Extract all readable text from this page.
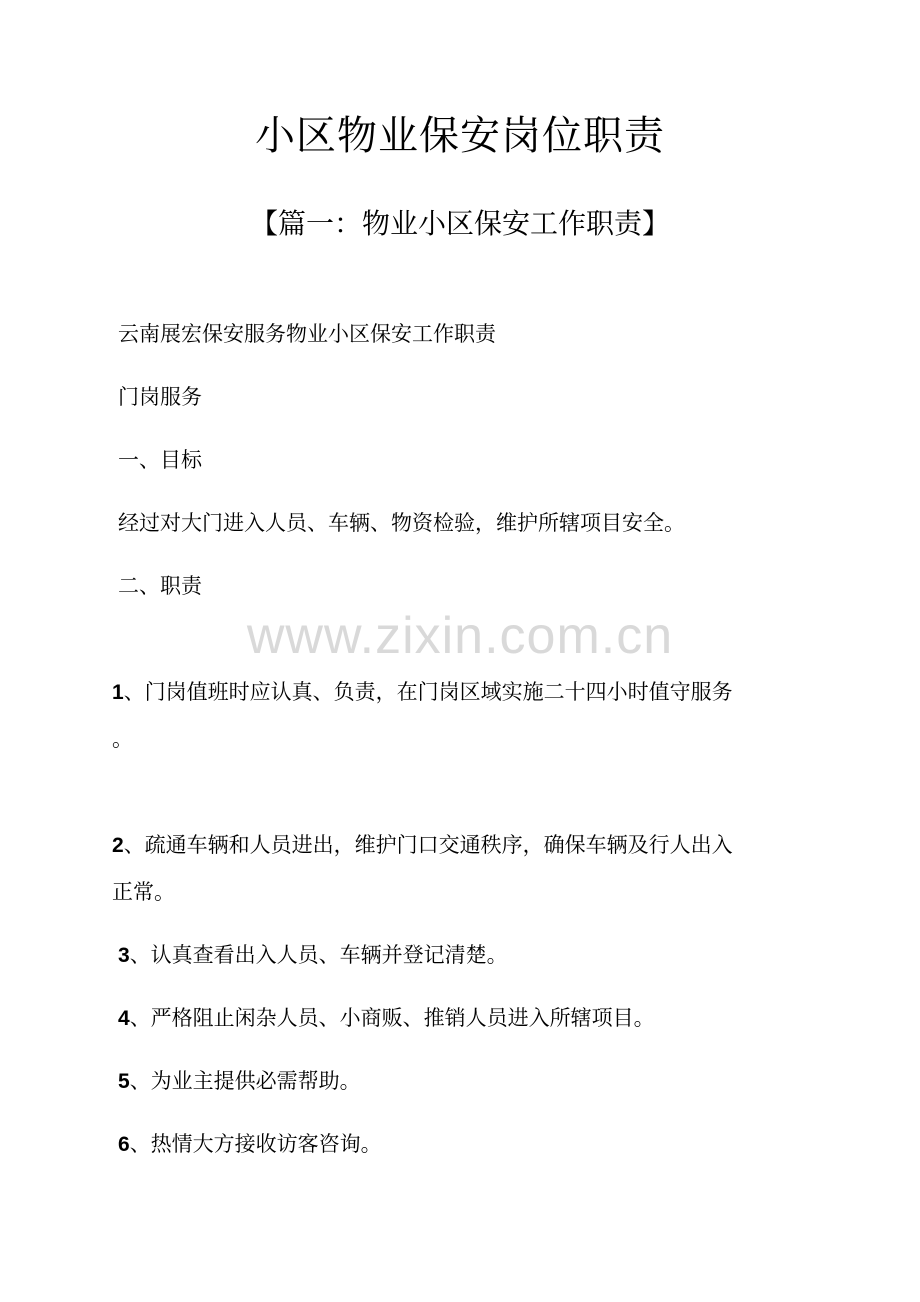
小区物业保安岗位职责
【篇一：物业小区保安工作职责】
云南展宏保安服务物业小区保安工作职责
门岗服务
一、目标
经过对大门进入人员、车辆、物资检验，维护所辖项目安全。
二、职责
www.zixin.com.cn
1、门岗值班时应认真、负责，在门岗区域实施二十四小时值守服务
。
2、疏通车辆和人员进出，维护门口交通秩序，确保车辆及行人出入
正常。
3、认真查看出入人员、车辆并登记清楚。
4、严格阻止闲杂人员、小商贩、推销人员进入所辖项目。
5、为业主提供必需帮助。
6、热情大方接收访客咨询。
